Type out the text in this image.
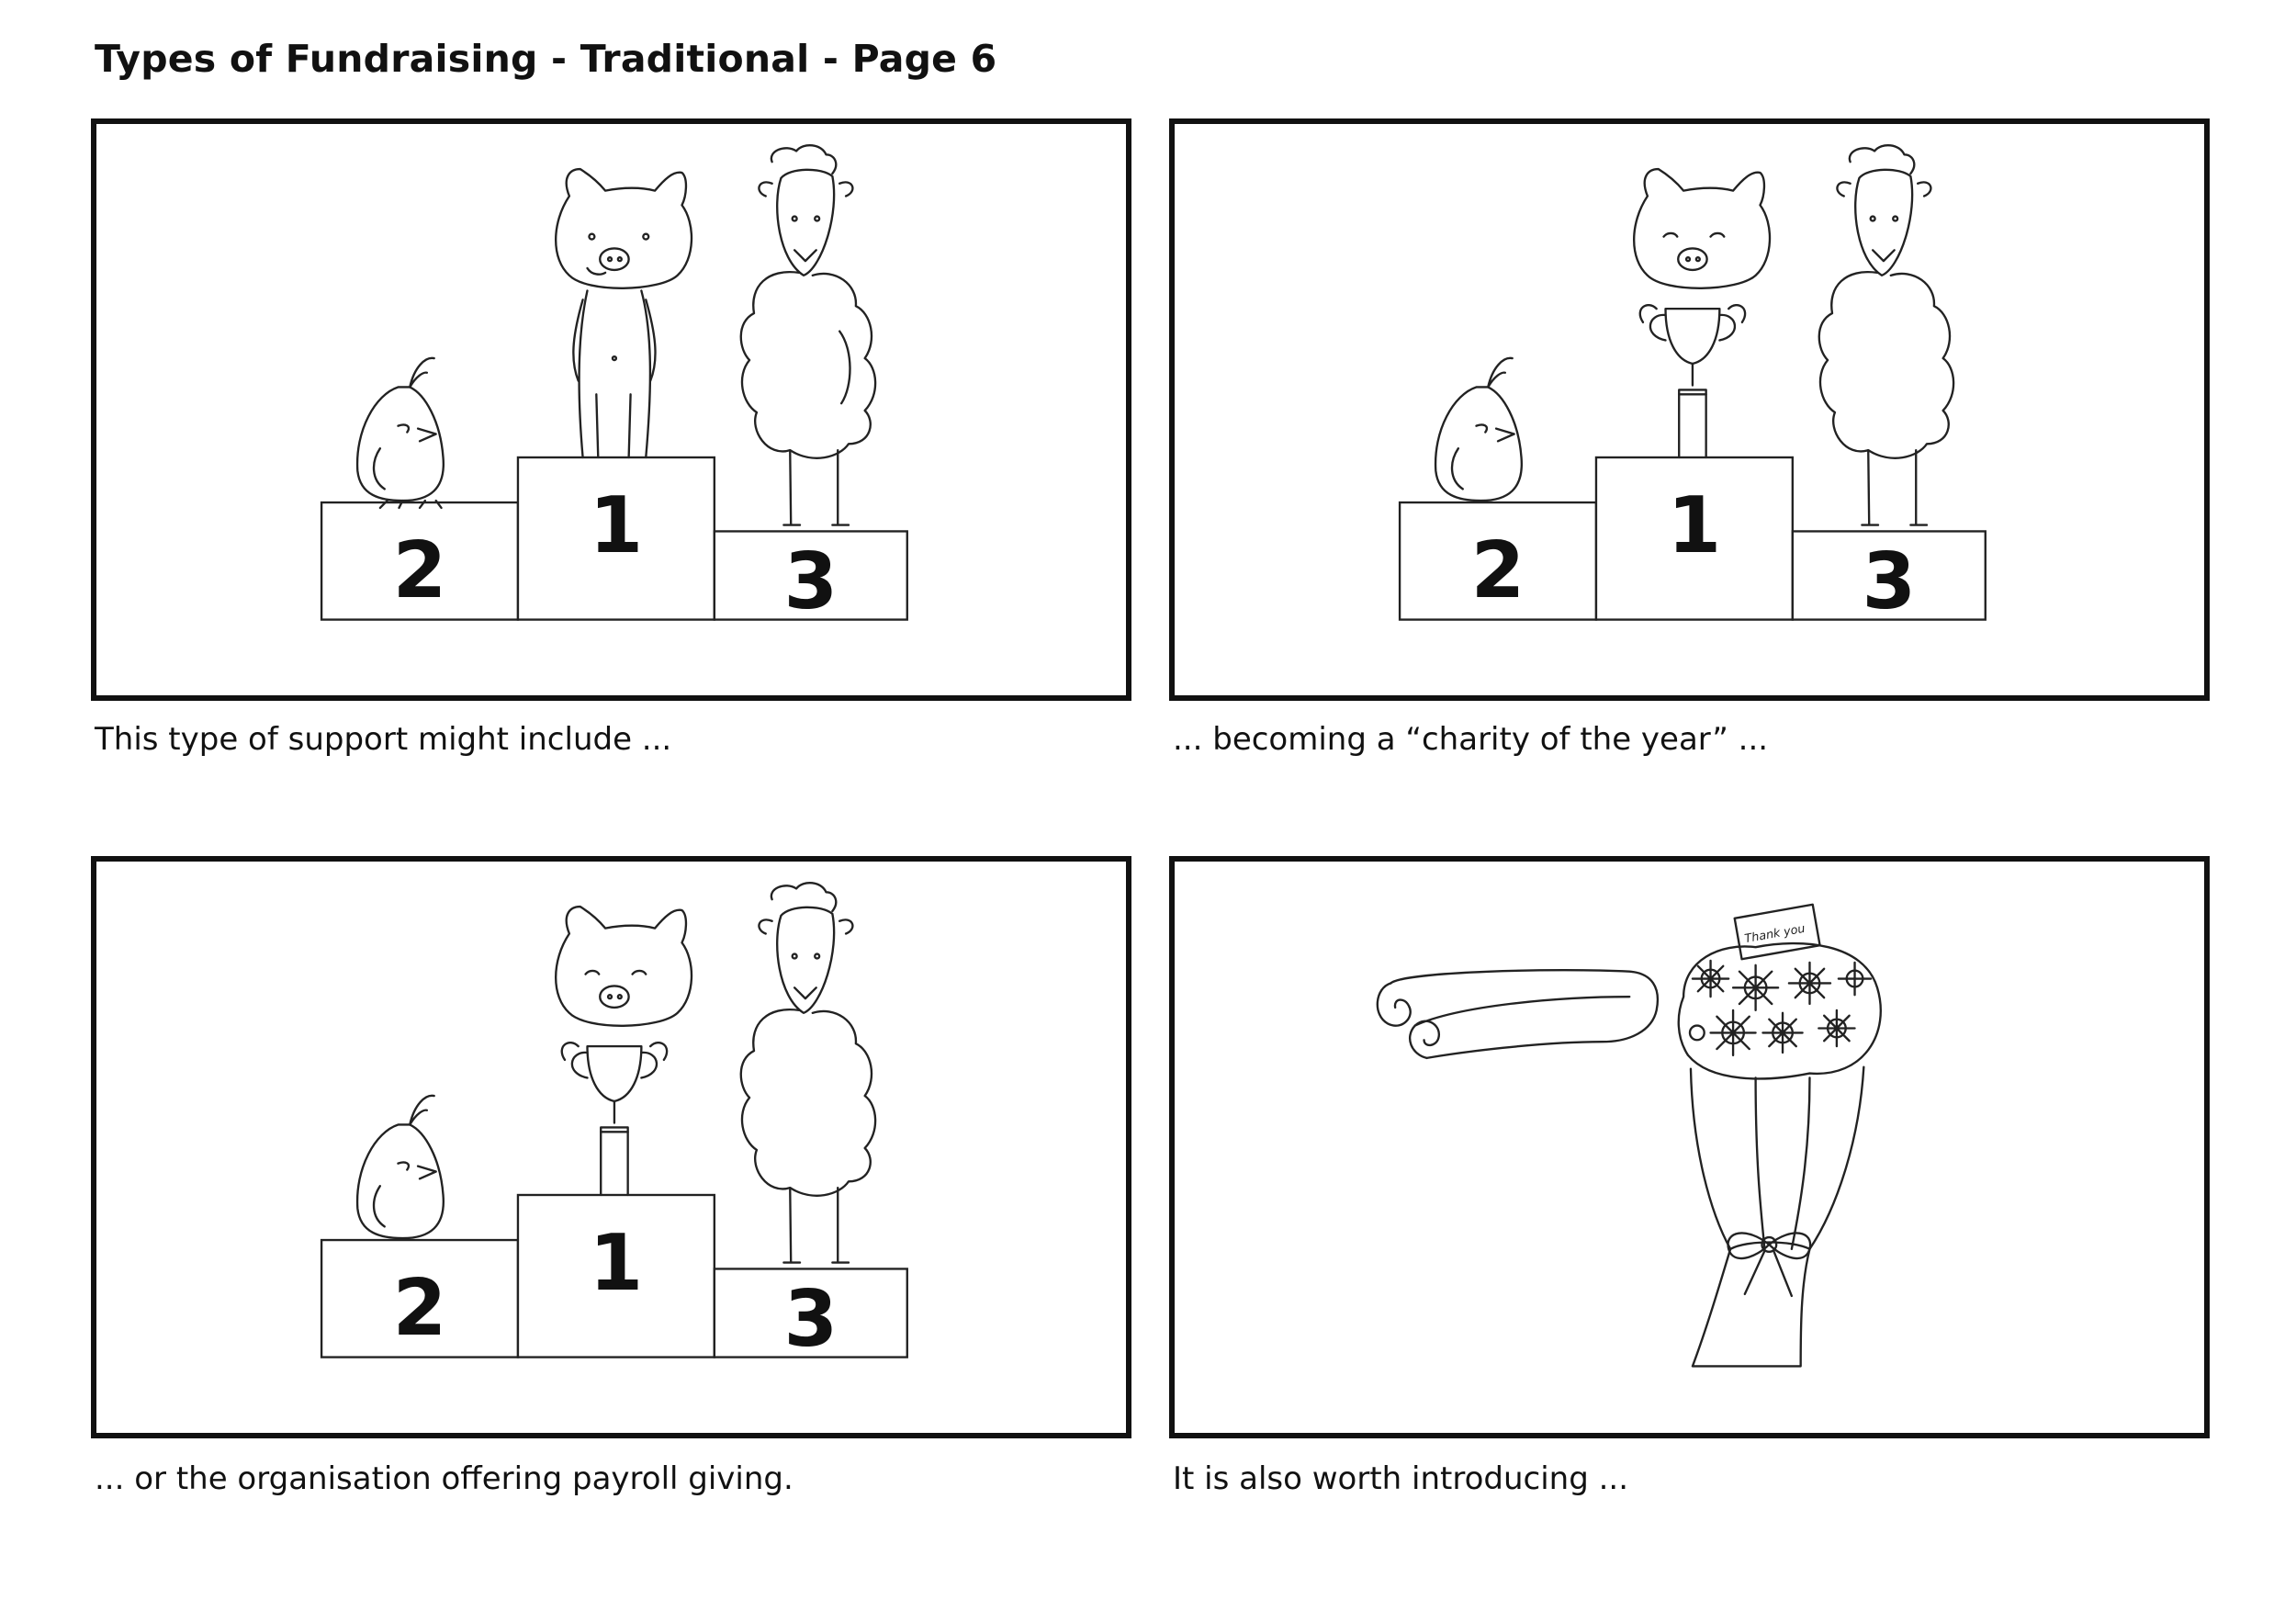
Types of Fundraising - Traditional - Page 6
2
1
3
This type of support might include ...
2
1
3
... becoming a “charity of the year” ...
2
1
3
... or the organisation offering payroll giving.
Thank you
It is also worth introducing ...
